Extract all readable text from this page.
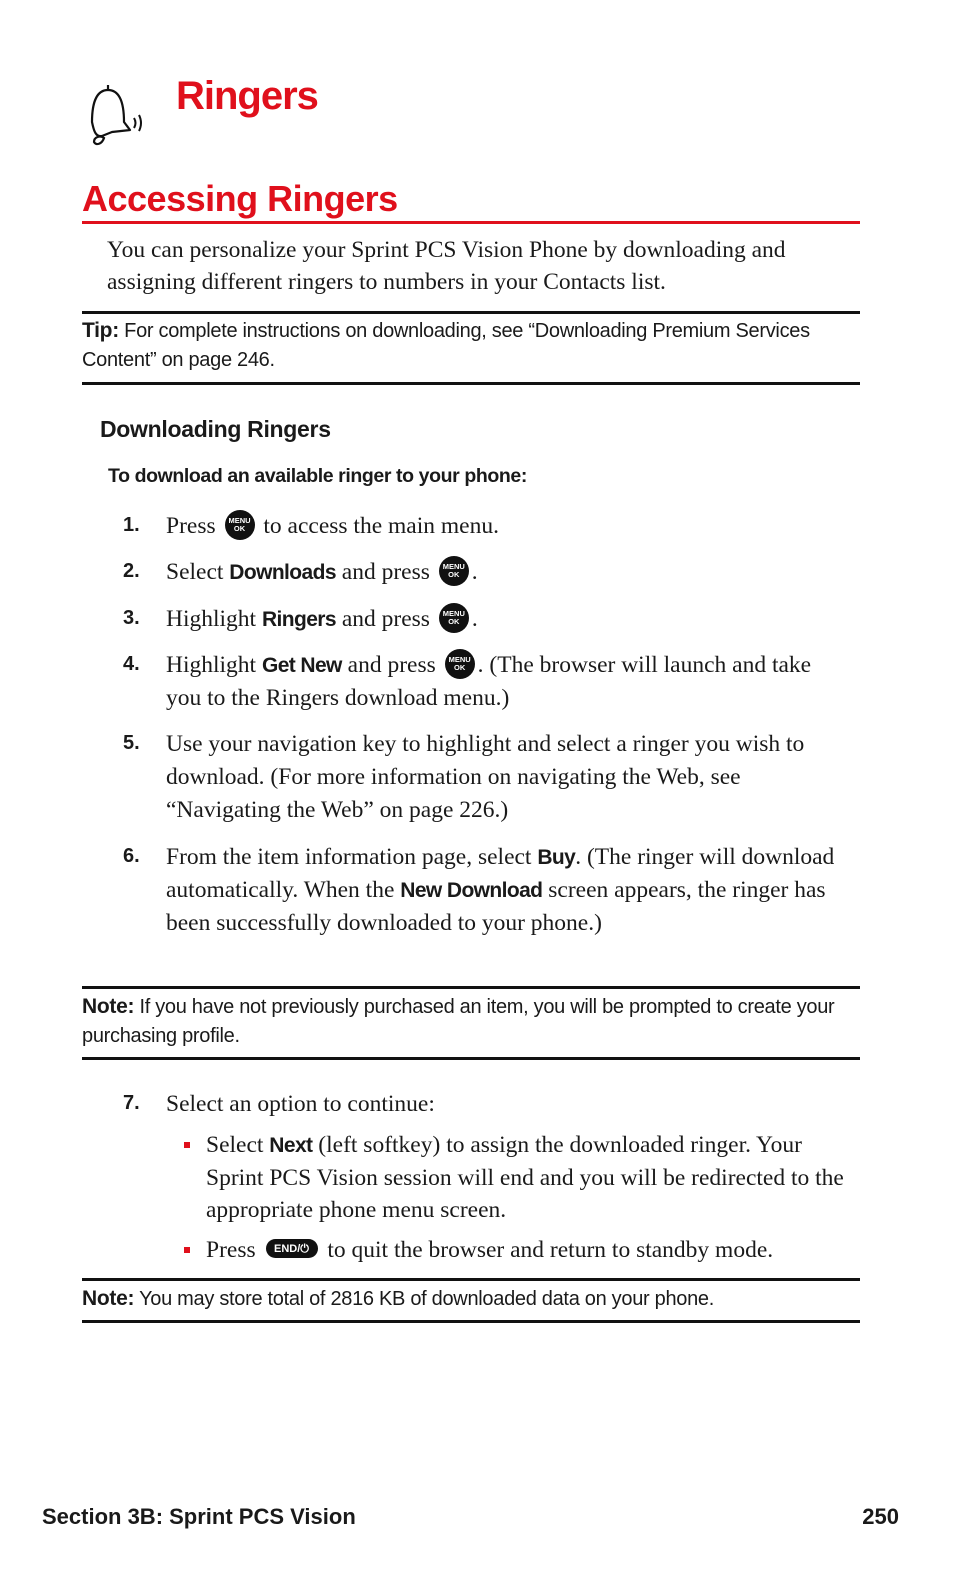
Ringers
Accessing Ringers

You can personalize your Sprint PCS Vision Phone by downloading and assigning different ringers to numbers in your Contacts list.

Tip: For complete instructions on downloading, see “Downloading Premium Services Content” on page 246.

Downloading Ringers

To download an available ringer to your phone:

1. Press MENU
OK to access the main menu.
2. Select Downloads and press MENU
OK .
3. Highlight Ringers and press MENU
OK .
4. Highlight Get New and press MENU
OK . (The browser will launch and take you to the Ringers download menu.)
5. Use your navigation key to highlight and select a ringer you wish to download. (For more information on navigating the Web, see “Navigating the Web” on page 226.)
6. From the item information page, select Buy. (The ringer will download automatically. When the New Download screen appears, the ringer has been successfully downloaded to your phone.)

Note: If you have not previously purchased an item, you will be prompted to create your purchasing profile.

7. Select an option to continue:
Select Next (left softkey) to assign the downloaded ringer. Your Sprint PCS Vision session will end and you will be redirected to the appropriate phone menu screen.
Press END/⏻ to quit the browser and return to standby mode.

Note: You may store total of 2816 KB of downloaded data on your phone.

Section 3B: Sprint PCS Vision	250
